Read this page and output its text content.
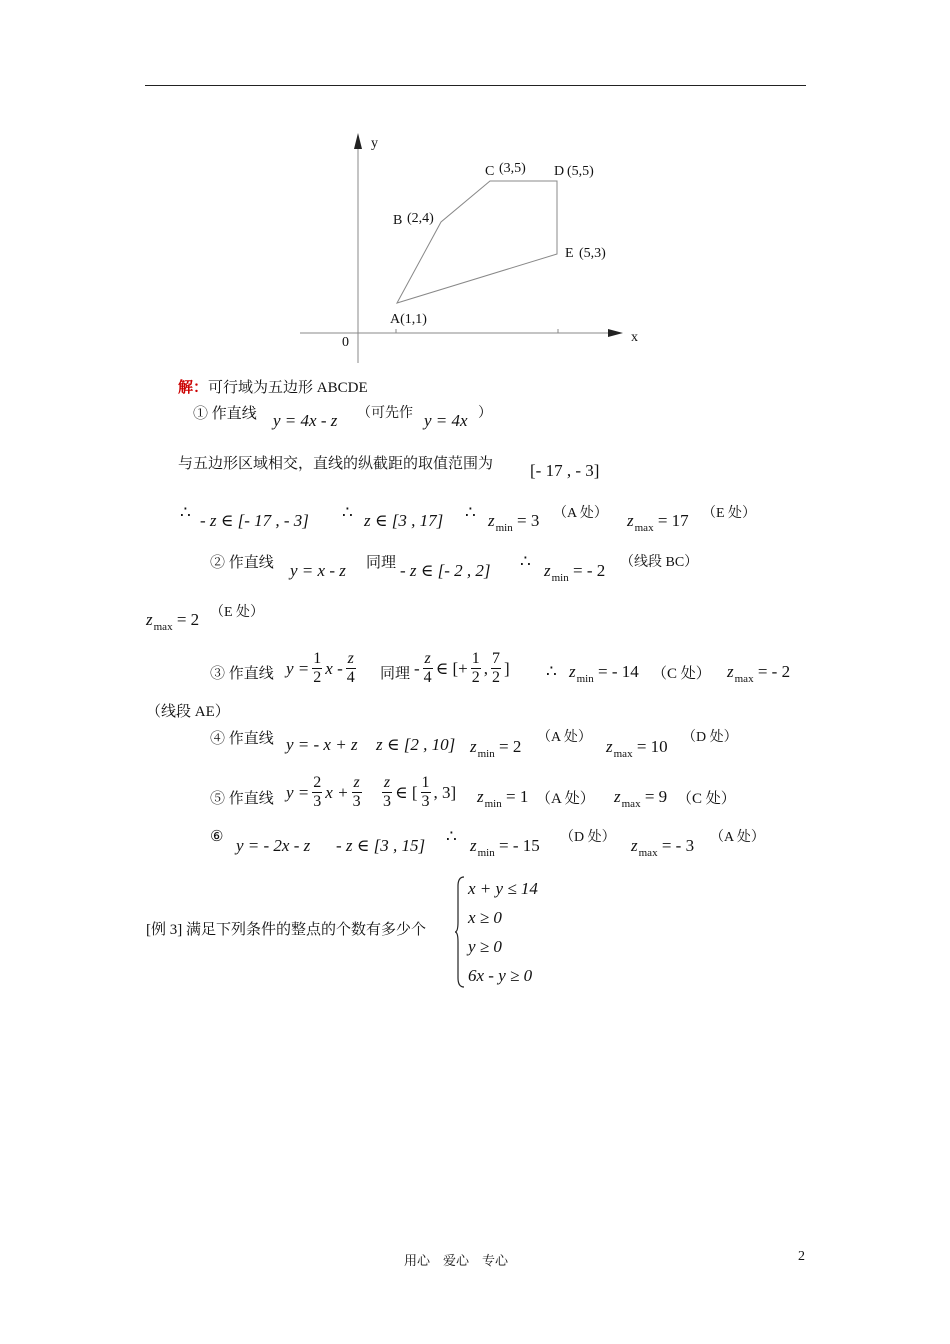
y
x
0
A(1,1)
B (2,4)
C (3,5) D (5,5)
E (5,3)
解：可行域为五边形 ABCDE
① 作直线 y = 4x - z （可先作 y = 4x ）
与五边形区域相交，直线的纵截距的取值范围为 [- 17 , - 3]
∴ - z ∈ [- 17 , - 3] ∴ z ∈ [3 , 17] ∴ $z_{min} = 3$ （A 处） $z_{max} = 17$ （E 处）
② 作直线 y = x - z 同理 - z ∈ [- 2 , 2] ∴ $z_{min}$ = - 2 （线段 BC）
$z_{max} = 2$ （E 处）
③ 作直线 $y = \frac{1}{2}$ x - $\frac{z}{4}$ 同理 - $\frac{z}{4}$ ∈ [+ $\frac{1}{2}$ , $\frac{7}{2}$ ] ∴ $z_{min}$ = - 14 （C 处） $z_{max}$ = - 2
（线段 AE）
④ 作直线 y = - x + z z ∈ [2 , 10] $z_{min} = 2$ （A 处） $z_{max} = 10$ （D 处）
⑤ 作直线 $y = \frac{2}{3}$ $x + \frac{z}{3} \frac{z}{3}$ ∈ [ $\frac{1}{3}$ , 3] $z_{min} = 1$ （A 处） $z_{max} = 9$ （C 处）
⑥ y = - 2x - z - z ∈ [3 , 15] ∴ $z_{min}$ = - 15 （D 处） $z_{max}$ = - 3 （A 处）
[例 3] 满足下列条件的整点的个数有多少个
x + y ≤ 14
x ≥ 0
y ≥ 0
6x - y ≥ 0
用心　爱心　专心	2
